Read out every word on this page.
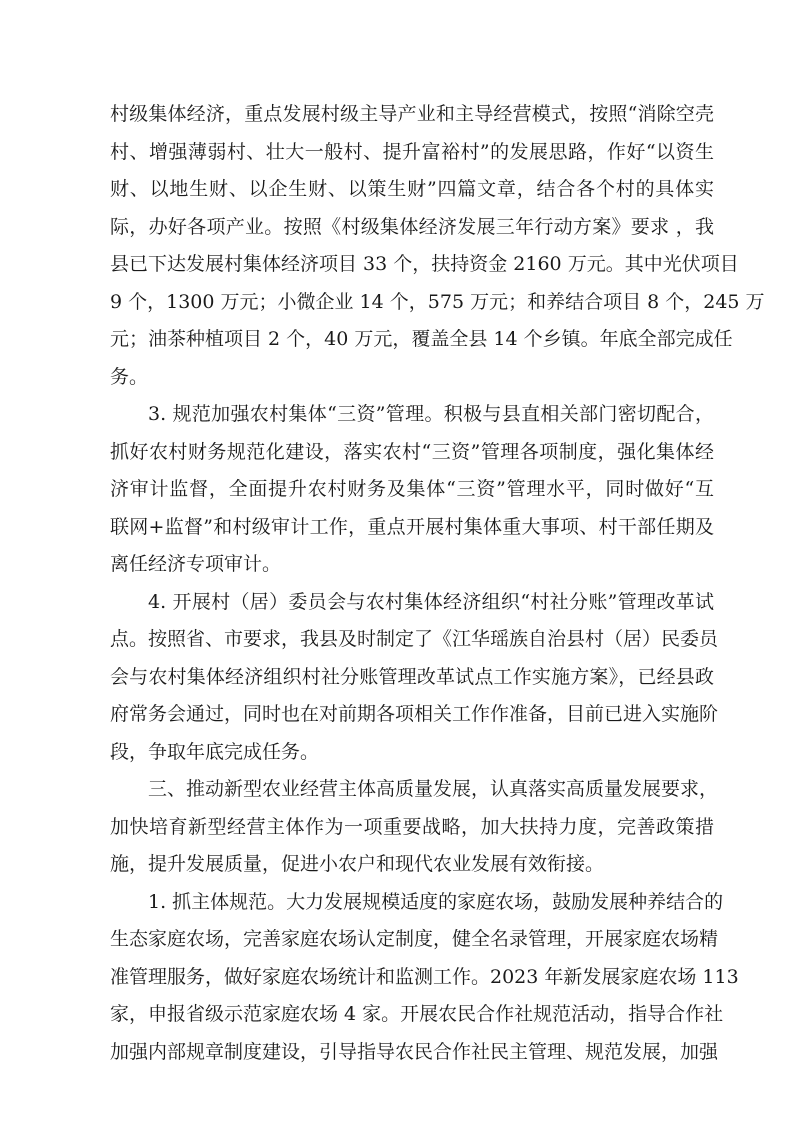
村级集体经济，重点发展村级主导产业和主导经营模式，按照“消除空壳
村、增强薄弱村、壮大一般村、提升富裕村”的发展思路，作好“以资生
财、以地生财、以企生财、以策生财”四篇文章，结合各个村的具体实
际，办好各项产业。按照《村级集体经济发展三年行动方案》要求 ，我
县已下达发展村集体经济项目 33 个，扶持资金 2160 万元。其中光伏项目
9 个，1300 万元；小微企业 14 个，575 万元；和养结合项目 8 个，245 万
元；油茶种植项目 2 个，40 万元，覆盖全县 14 个乡镇。年底全部完成任
务。
3. 规范加强农村集体“三资”管理。积极与县直相关部门密切配合，
抓好农村财务规范化建设，落实农村“三资”管理各项制度，强化集体经
济审计监督，全面提升农村财务及集体“三资”管理水平，同时做好“互
联网+监督”和村级审计工作，重点开展村集体重大事项、村干部任期及
离任经济专项审计。
4. 开展村（居）委员会与农村集体经济组织“村社分账”管理改革试
点。按照省、市要求，我县及时制定了《江华瑶族自治县村（居）民委员
会与农村集体经济组织村社分账管理改革试点工作实施方案》，已经县政
府常务会通过，同时也在对前期各项相关工作作准备，目前已进入实施阶
段，争取年底完成任务。
三、推动新型农业经营主体高质量发展，认真落实高质量发展要求，
加快培育新型经营主体作为一项重要战略，加大扶持力度，完善政策措
施，提升发展质量，促进小农户和现代农业发展有效衔接。
1. 抓主体规范。大力发展规模适度的家庭农场，鼓励发展种养结合的
生态家庭农场，完善家庭农场认定制度，健全名录管理，开展家庭农场精
准管理服务，做好家庭农场统计和监测工作。2023 年新发展家庭农场 113
家，申报省级示范家庭农场 4 家。开展农民合作社规范活动，指导合作社
加强内部规章制度建设，引导指导农民合作社民主管理、规范发展，加强
